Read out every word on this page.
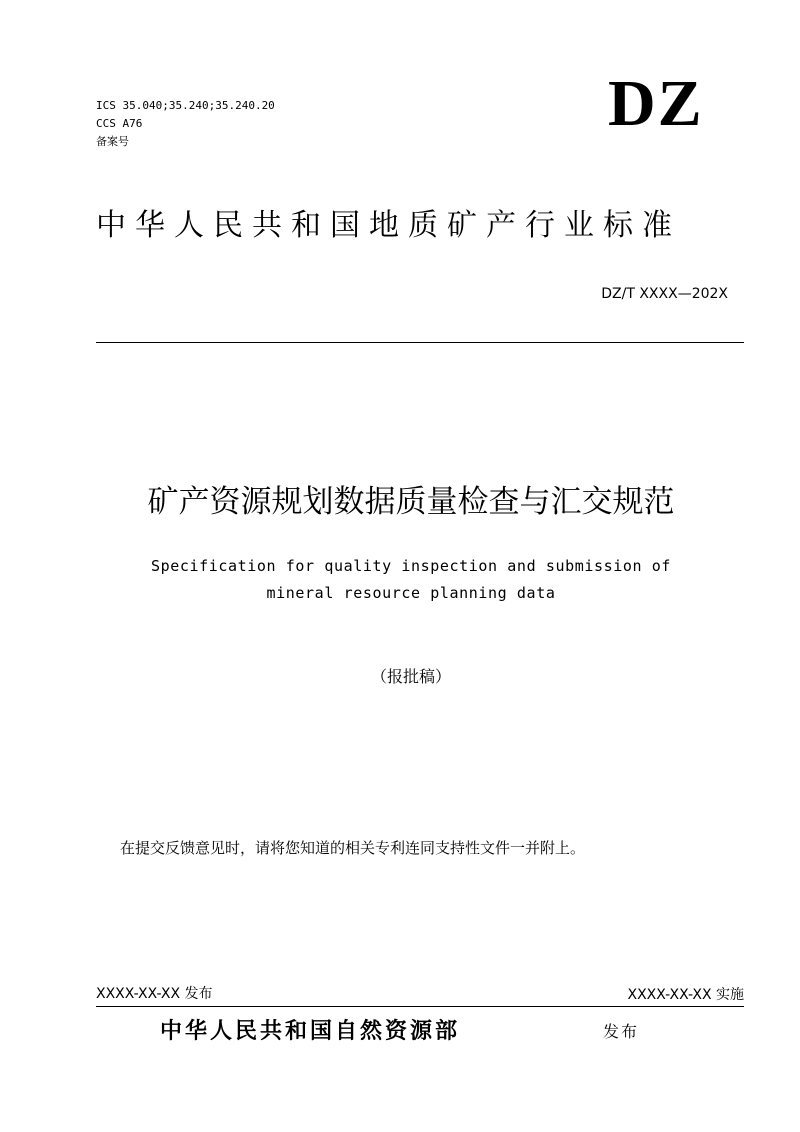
ICS 35.040;35.240;35.240.20
CCS A76
备案号
DZ
中华人民共和国地质矿产行业标准
DZ/T XXXX—202X
矿产资源规划数据质量检查与汇交规范
Specification for quality inspection and submission of
mineral resource planning data
（报批稿）
在提交反馈意见时，请将您知道的相关专利连同支持性文件一并附上。
XXXX-XX-XX 发布	XXXX-XX-XX 实施
中华人民共和国自然资源部	发布
